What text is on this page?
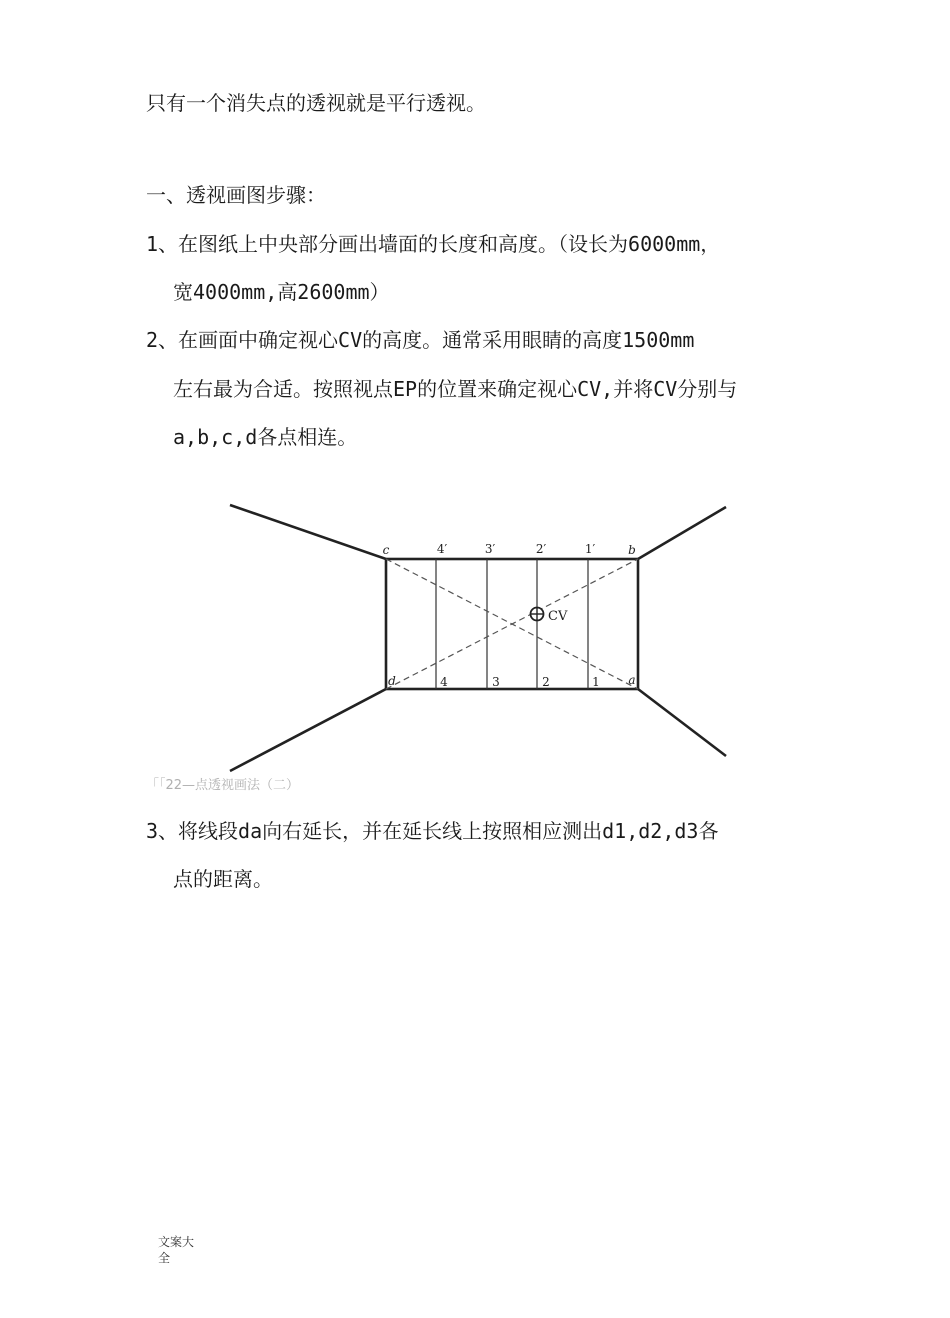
只有一个消失点的透视就是平行透视。
一、透视画图步骤：
1、在图纸上中央部分画出墙面的长度和高度。（设长为6000mm，
宽4000mm,高2600mm）
2、在画面中确定视心CV的高度。通常采用眼睛的高度1500mm
左右最为合适。按照视点EP的位置来确定视心CV,并将CV分别与
a,b,c,d各点相连。
c	b
d	a
4′	3′	2′	1′
4	3	2	1
CV
「「22—点透视画法（二）
3、将线段da向右延长，并在延长线上按照相应测出d1,d2,d3各
点的距离。
文案大全
